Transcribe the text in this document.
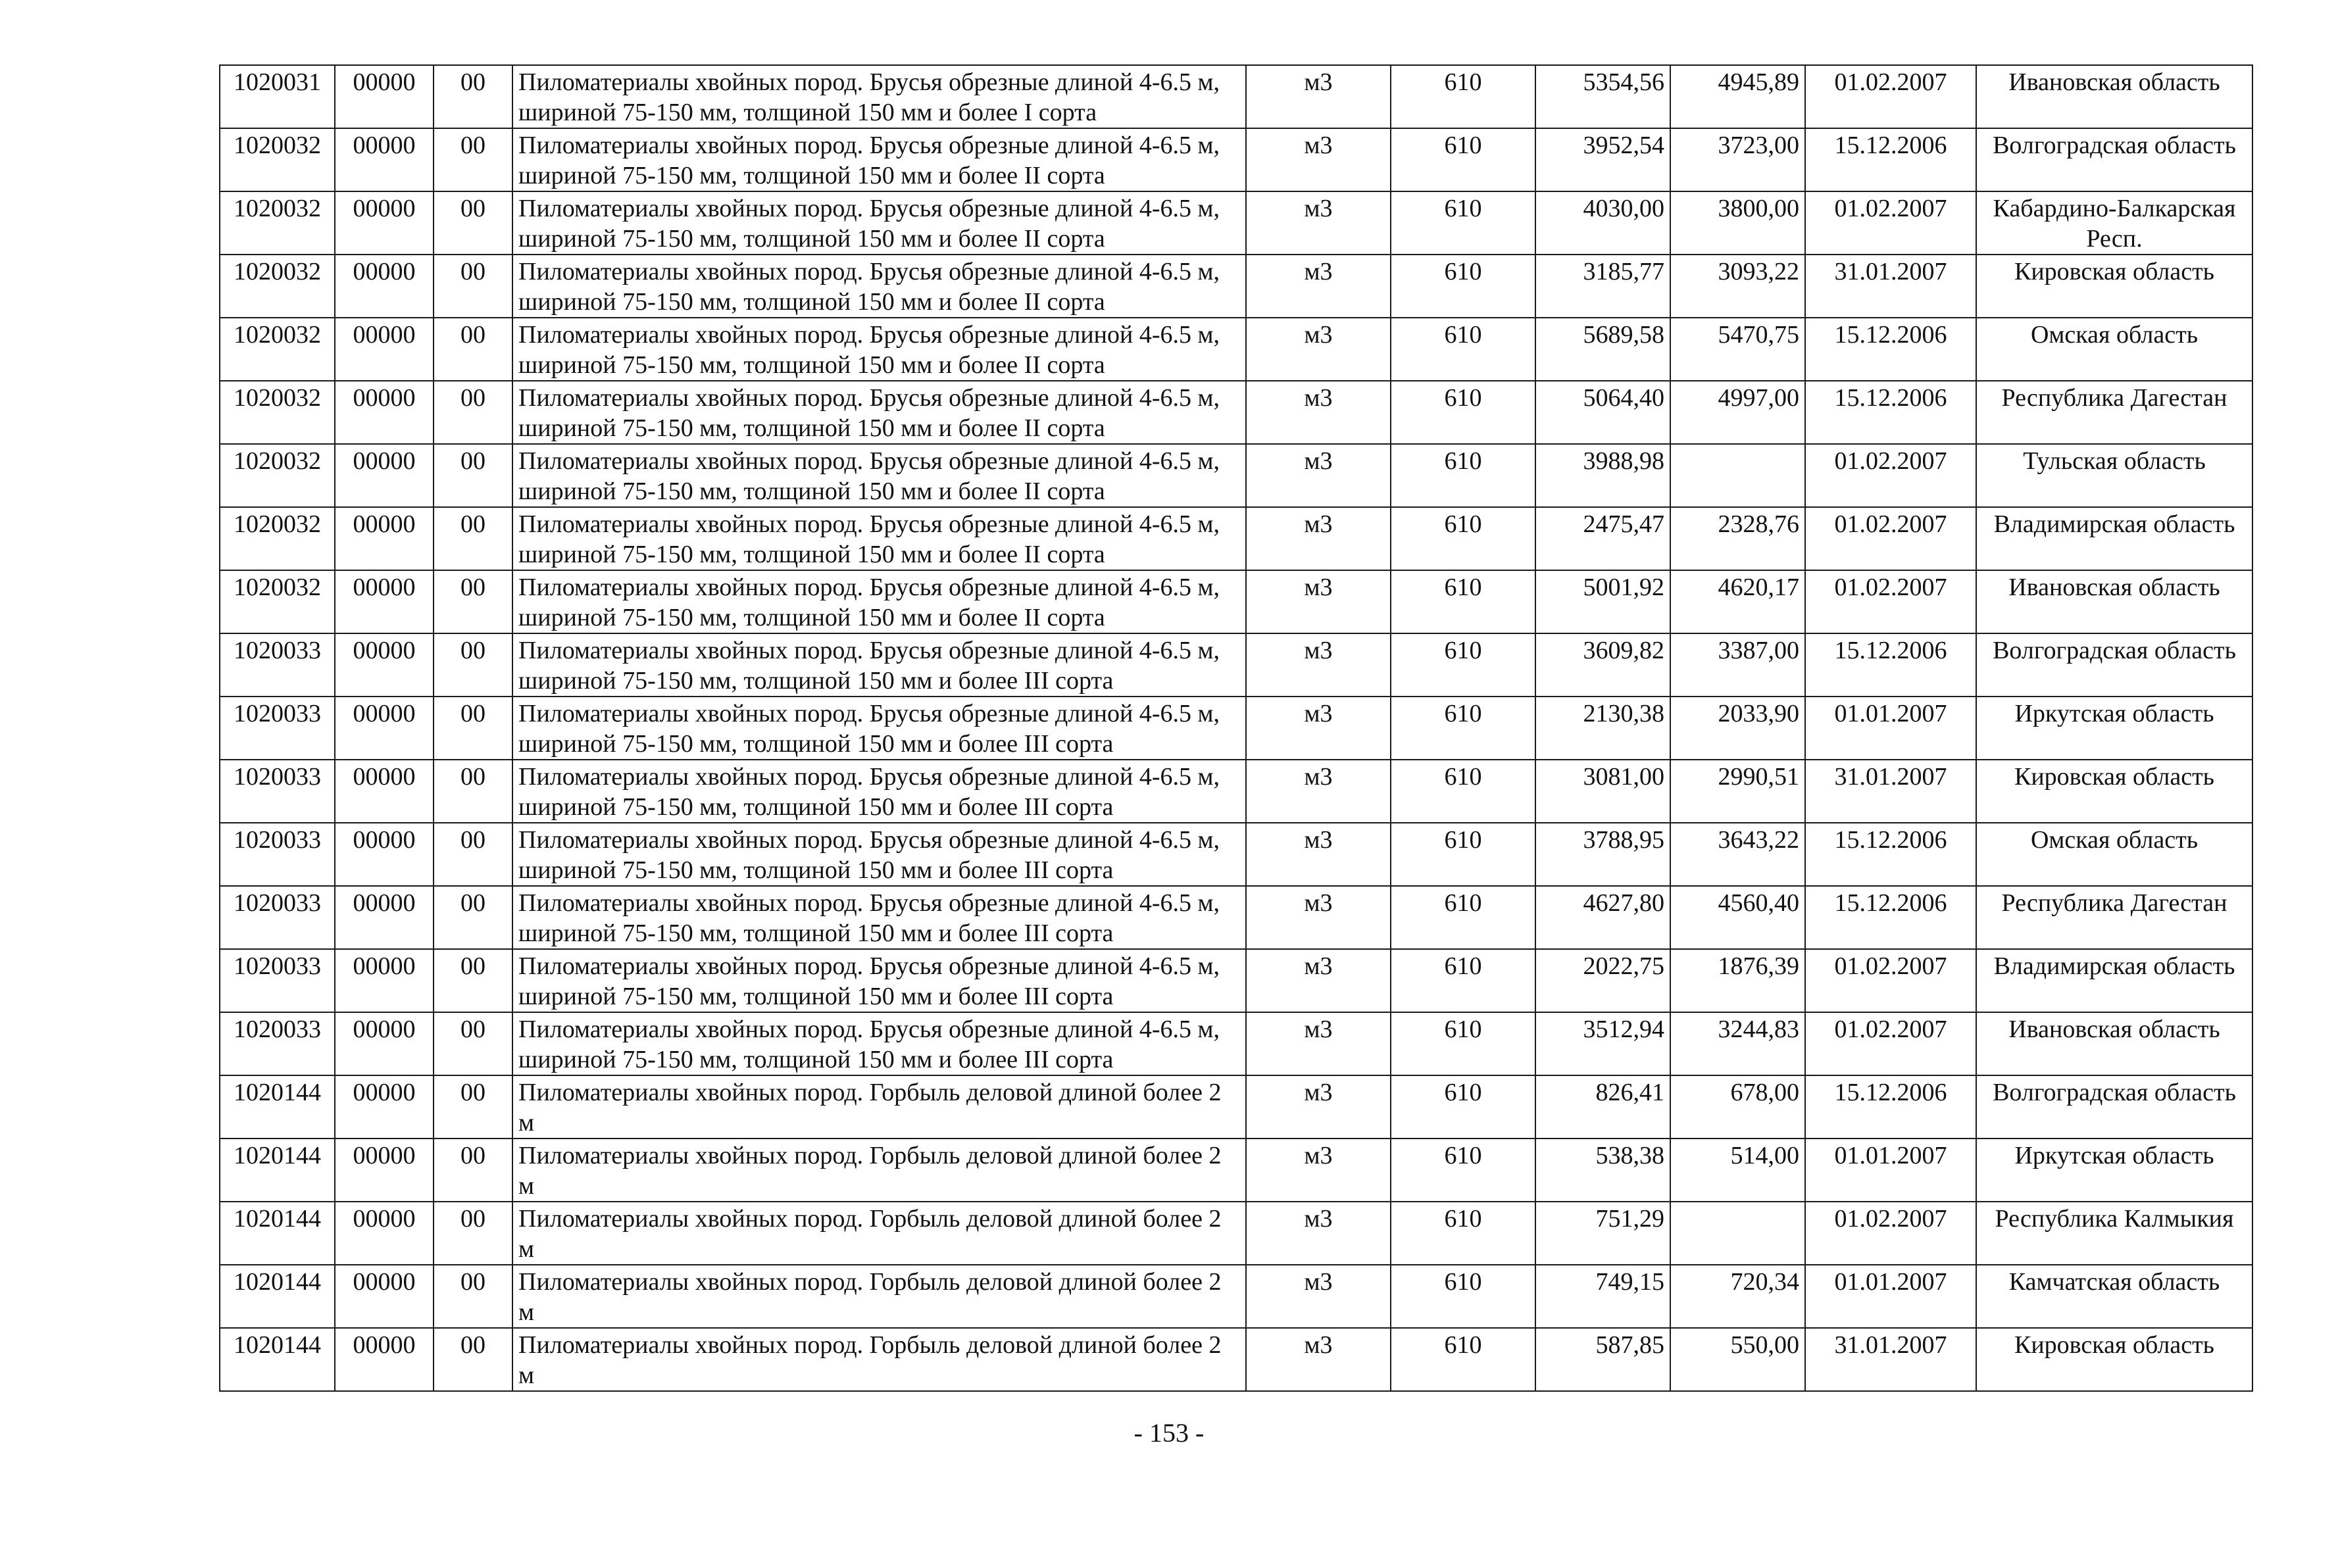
1020031	00000	00	Пиломатериалы хвойных пород. Брусья обрезные длиной 4-6.5 м, шириной 75-150 мм, толщиной 150 мм и более I сорта	м3	610	5354,56	4945,89	01.02.2007	Ивановская область
1020032	00000	00	Пиломатериалы хвойных пород. Брусья обрезные длиной 4-6.5 м, шириной 75-150 мм, толщиной 150 мм и более II сорта	м3	610	3952,54	3723,00	15.12.2006	Волгоградская область
1020032	00000	00	Пиломатериалы хвойных пород. Брусья обрезные длиной 4-6.5 м, шириной 75-150 мм, толщиной 150 мм и более II сорта	м3	610	4030,00	3800,00	01.02.2007	Кабардино-Балкарская Респ.
1020032	00000	00	Пиломатериалы хвойных пород. Брусья обрезные длиной 4-6.5 м, шириной 75-150 мм, толщиной 150 мм и более II сорта	м3	610	3185,77	3093,22	31.01.2007	Кировская область
1020032	00000	00	Пиломатериалы хвойных пород. Брусья обрезные длиной 4-6.5 м, шириной 75-150 мм, толщиной 150 мм и более II сорта	м3	610	5689,58	5470,75	15.12.2006	Омская область
1020032	00000	00	Пиломатериалы хвойных пород. Брусья обрезные длиной 4-6.5 м, шириной 75-150 мм, толщиной 150 мм и более II сорта	м3	610	5064,40	4997,00	15.12.2006	Республика Дагестан
1020032	00000	00	Пиломатериалы хвойных пород. Брусья обрезные длиной 4-6.5 м, шириной 75-150 мм, толщиной 150 мм и более II сорта	м3	610	3988,98		01.02.2007	Тульская область
1020032	00000	00	Пиломатериалы хвойных пород. Брусья обрезные длиной 4-6.5 м, шириной 75-150 мм, толщиной 150 мм и более II сорта	м3	610	2475,47	2328,76	01.02.2007	Владимирская область
1020032	00000	00	Пиломатериалы хвойных пород. Брусья обрезные длиной 4-6.5 м, шириной 75-150 мм, толщиной 150 мм и более II сорта	м3	610	5001,92	4620,17	01.02.2007	Ивановская область
1020033	00000	00	Пиломатериалы хвойных пород. Брусья обрезные длиной 4-6.5 м, шириной 75-150 мм, толщиной 150 мм и более III сорта	м3	610	3609,82	3387,00	15.12.2006	Волгоградская область
1020033	00000	00	Пиломатериалы хвойных пород. Брусья обрезные длиной 4-6.5 м, шириной 75-150 мм, толщиной 150 мм и более III сорта	м3	610	2130,38	2033,90	01.01.2007	Иркутская область
1020033	00000	00	Пиломатериалы хвойных пород. Брусья обрезные длиной 4-6.5 м, шириной 75-150 мм, толщиной 150 мм и более III сорта	м3	610	3081,00	2990,51	31.01.2007	Кировская область
1020033	00000	00	Пиломатериалы хвойных пород. Брусья обрезные длиной 4-6.5 м, шириной 75-150 мм, толщиной 150 мм и более III сорта	м3	610	3788,95	3643,22	15.12.2006	Омская область
1020033	00000	00	Пиломатериалы хвойных пород. Брусья обрезные длиной 4-6.5 м, шириной 75-150 мм, толщиной 150 мм и более III сорта	м3	610	4627,80	4560,40	15.12.2006	Республика Дагестан
1020033	00000	00	Пиломатериалы хвойных пород. Брусья обрезные длиной 4-6.5 м, шириной 75-150 мм, толщиной 150 мм и более III сорта	м3	610	2022,75	1876,39	01.02.2007	Владимирская область
1020033	00000	00	Пиломатериалы хвойных пород. Брусья обрезные длиной 4-6.5 м, шириной 75-150 мм, толщиной 150 мм и более III сорта	м3	610	3512,94	3244,83	01.02.2007	Ивановская область
1020144	00000	00	Пиломатериалы хвойных пород. Горбыль деловой длиной более 2 м	м3	610	826,41	678,00	15.12.2006	Волгоградская область
1020144	00000	00	Пиломатериалы хвойных пород. Горбыль деловой длиной более 2 м	м3	610	538,38	514,00	01.01.2007	Иркутская область
1020144	00000	00	Пиломатериалы хвойных пород. Горбыль деловой длиной более 2 м	м3	610	751,29		01.02.2007	Республика Калмыкия
1020144	00000	00	Пиломатериалы хвойных пород. Горбыль деловой длиной более 2 м	м3	610	749,15	720,34	01.01.2007	Камчатская область
1020144	00000	00	Пиломатериалы хвойных пород. Горбыль деловой длиной более 2 м	м3	610	587,85	550,00	31.01.2007	Кировская область
- 153 -
